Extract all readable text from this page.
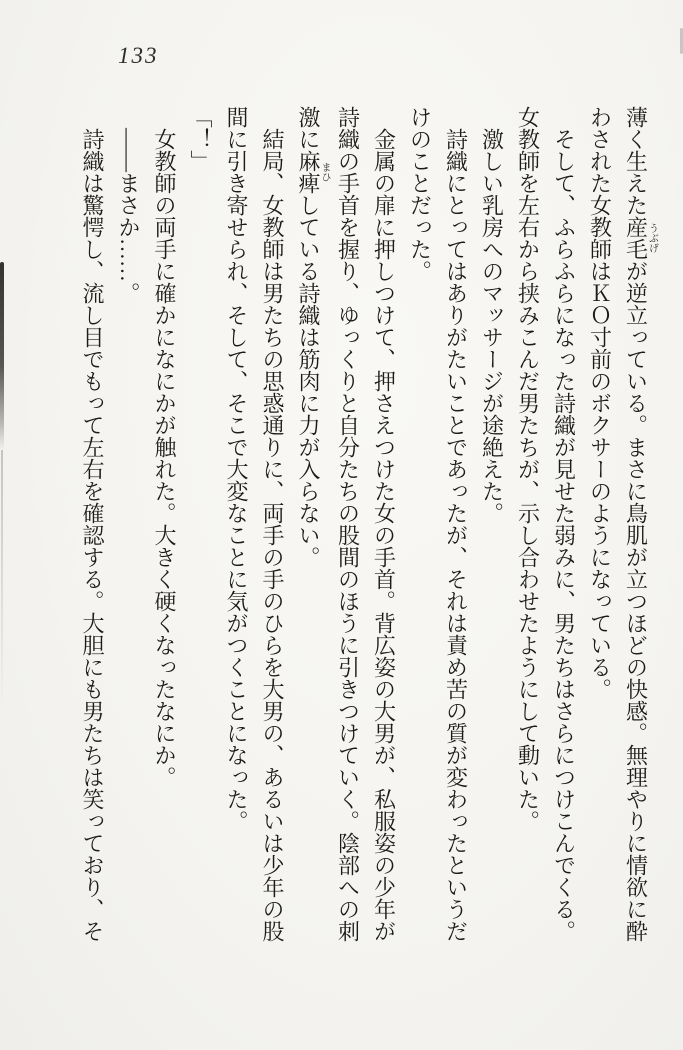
133
薄く生えた産毛うぶげが逆立っている。まさに鳥肌が立つほどの快感。無理やりに情欲に酔
わされた女教師はＫＯ寸前のボクサーのようになっている。
そして、ふらふらになった詩織が見せた弱みに、男たちはさらにつけこんでくる。
女教師を左右から挟みこんだ男たちが、示し合わせたようにして動いた。
激しい乳房へのマッサージが途絶えた。
詩織にとってはありがたいことであったが、それは責め苦の質が変わったというだ
けのことだった。
金属の扉に押しつけて、押さえつけた女の手首。背広姿の大男が、私服姿の少年が
詩織の手首を握り、ゆっくりと自分たちの股間のほうに引きつけていく。陰部への刺
激に麻痺まひしている詩織は筋肉に力が入らない。
結局、女教師は男たちの思惑通りに、両手の手のひらを大男の、あるいは少年の股
間に引き寄せられ、そして、そこで大変なことに気がつくことになった。
「！」
女教師の両手に確かになにかが触れた。大きく硬くなったなにか。
――まさか……。
詩織は驚愕し、流し目でもって左右を確認する。大胆にも男たちは笑っており、そ
